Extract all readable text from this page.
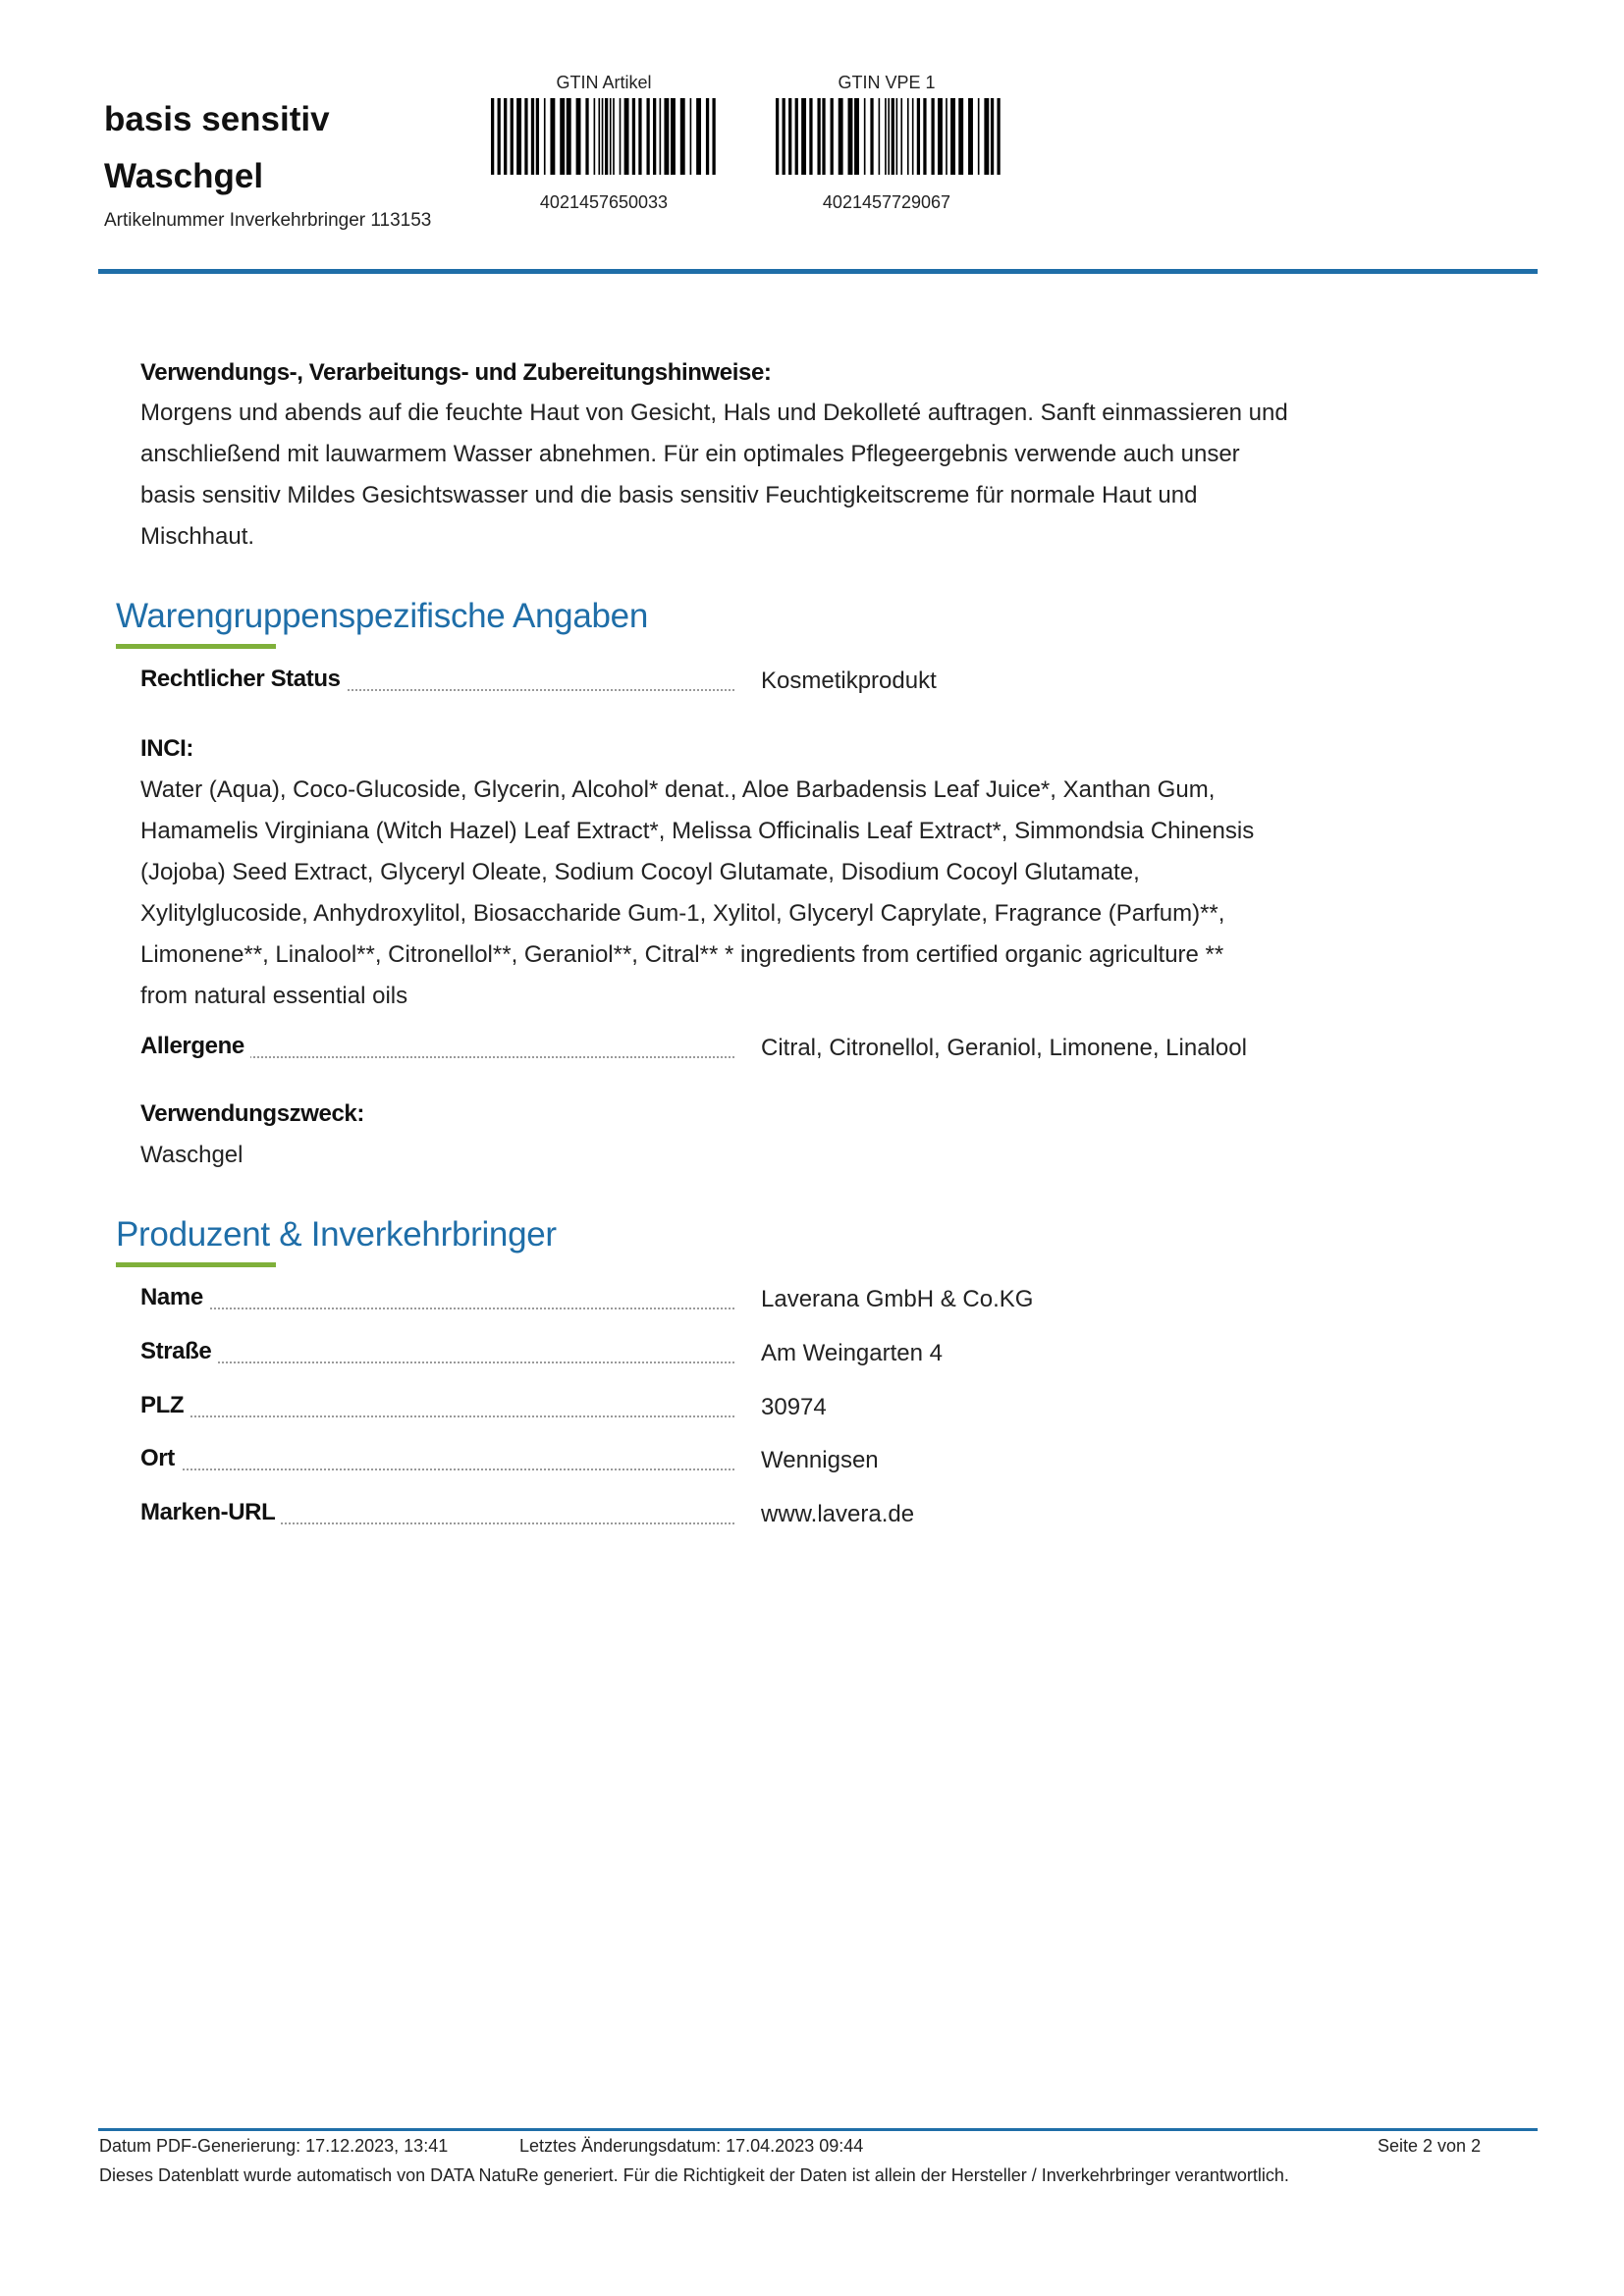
basis sensitiv
Waschgel
Artikelnummer Inverkehrbringer 113153
GTIN Artikel
4021457650033
GTIN VPE 1
4021457729067
Verwendungs-, Verarbeitungs- und Zubereitungshinweise:
Morgens und abends auf die feuchte Haut von Gesicht, Hals und Dekolleté auftragen. Sanft einmassieren und
anschließend mit lauwarmem Wasser abnehmen. Für ein optimales Pflegeergebnis verwende auch unser
basis sensitiv Mildes Gesichtswasser und die basis sensitiv Feuchtigkeitscreme für normale Haut und
Mischhaut.
Warengruppenspezifische Angaben
Rechtlicher Status	Kosmetikprodukt
INCI:
Water (Aqua), Coco-Glucoside, Glycerin, Alcohol* denat., Aloe Barbadensis Leaf Juice*, Xanthan Gum,
Hamamelis Virginiana (Witch Hazel) Leaf Extract*, Melissa Officinalis Leaf Extract*, Simmondsia Chinensis
(Jojoba) Seed Extract, Glyceryl Oleate, Sodium Cocoyl Glutamate, Disodium Cocoyl Glutamate,
Xylitylglucoside, Anhydroxylitol, Biosaccharide Gum-1, Xylitol, Glyceryl Caprylate, Fragrance (Parfum)**,
Limonene**, Linalool**, Citronellol**, Geraniol**, Citral** * ingredients from certified organic agriculture **
from natural essential oils
Allergene	Citral, Citronellol, Geraniol, Limonene, Linalool
Verwendungszweck:
Waschgel
Produzent & Inverkehrbringer
Name	Laverana GmbH & Co.KG
Straße	Am Weingarten 4
PLZ	30974
Ort	Wennigsen
Marken-URL	www.lavera.de
Datum PDF-Generierung: 17.12.2023, 13:41	Letztes Änderungsdatum: 17.04.2023 09:44	Seite 2 von 2
Dieses Datenblatt wurde automatisch von DATA NatuRe generiert. Für die Richtigkeit der Daten ist allein der Hersteller / Inverkehrbringer verantwortlich.
